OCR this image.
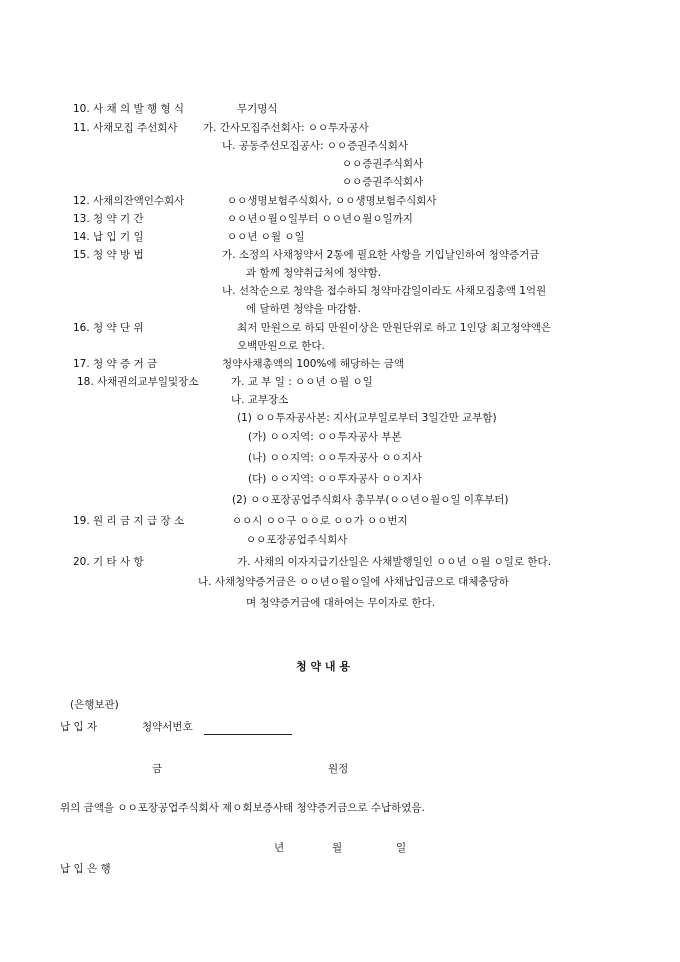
10. 사 채 의 발 행 형 식	무기명식
11. 사채모집 주선회사 가. 간사모집주선회사: ㅇㅇ투자공사
나. 공동주선모집공사: ㅇㅇ증권주식회사
ㅇㅇ증권주식회사
ㅇㅇ증권주식회사
12. 사채의잔액인수회사	ㅇㅇ생명보험주식회사, ㅇㅇ생명보험주식회사
13. 청 약 기 간	ㅇㅇ년ㅇ월ㅇ일부터 ㅇㅇ년ㅇ월ㅇ일까지
14. 납 입 기 일	ㅇㅇ년 ㅇ월 ㅇ일
15. 청 약 방 법	가. 소정의 사채청약서 2통에 필요한 사항을 기입날인하여 청약증거금
과 함께 청약취급처에 청약함.
나. 선착순으로 청약을 접수하되 청약마감일이라도 사채모집총액 1억원
에 달하면 청약을 마감함.
16. 청 약 단 위	최저 만원으로 하되 만원이상은 만원단위로 하고 1인당 최고청약액은
오백만원으로 한다.
17. 청 약 증 거 금	청약사채총액의 100%에 해당하는 금액
18. 사채권의교부일및장소	가. 교 부 일 : ㅇㅇ년 ㅇ월 ㅇ일
나. 교부장소
(1) ㅇㅇ투자공사본: 지사(교부일로부터 3일간만 교부함)
(가) ㅇㅇ지역: ㅇㅇ투자공사 부본
(나) ㅇㅇ지역: ㅇㅇ투자공사 ㅇㅇ지사
(다) ㅇㅇ지역: ㅇㅇ투자공사 ㅇㅇ지사
(2) ㅇㅇ포장공업주식회사 총무부(ㅇㅇ년ㅇ월ㅇ일 이후부터)
19. 원 리 금 지 급 장 소	ㅇㅇ시 ㅇㅇ구 ㅇㅇ로 ㅇㅇ가 ㅇㅇ번지
ㅇㅇ포장공업주식회사
20. 기 타 사 항	가. 사채의 이자지급기산일은 사채발행일인 ㅇㅇ년 ㅇ월 ㅇ일로 한다.
나. 사채청약증거금은 ㅇㅇ년ㅇ월ㅇ일에 사채납입금으로 대체충당하
며 청약증거금에 대하여는 무이자로 한다.
청 약 내 용
(은행보관)
납 입 자	청약서번호
금	원정
위의 금액을 ㅇㅇ포장공업주식회사 제ㅇ회보증사태 청약증거금으로 수납하였음.
년	월	일
납 입 은 행
